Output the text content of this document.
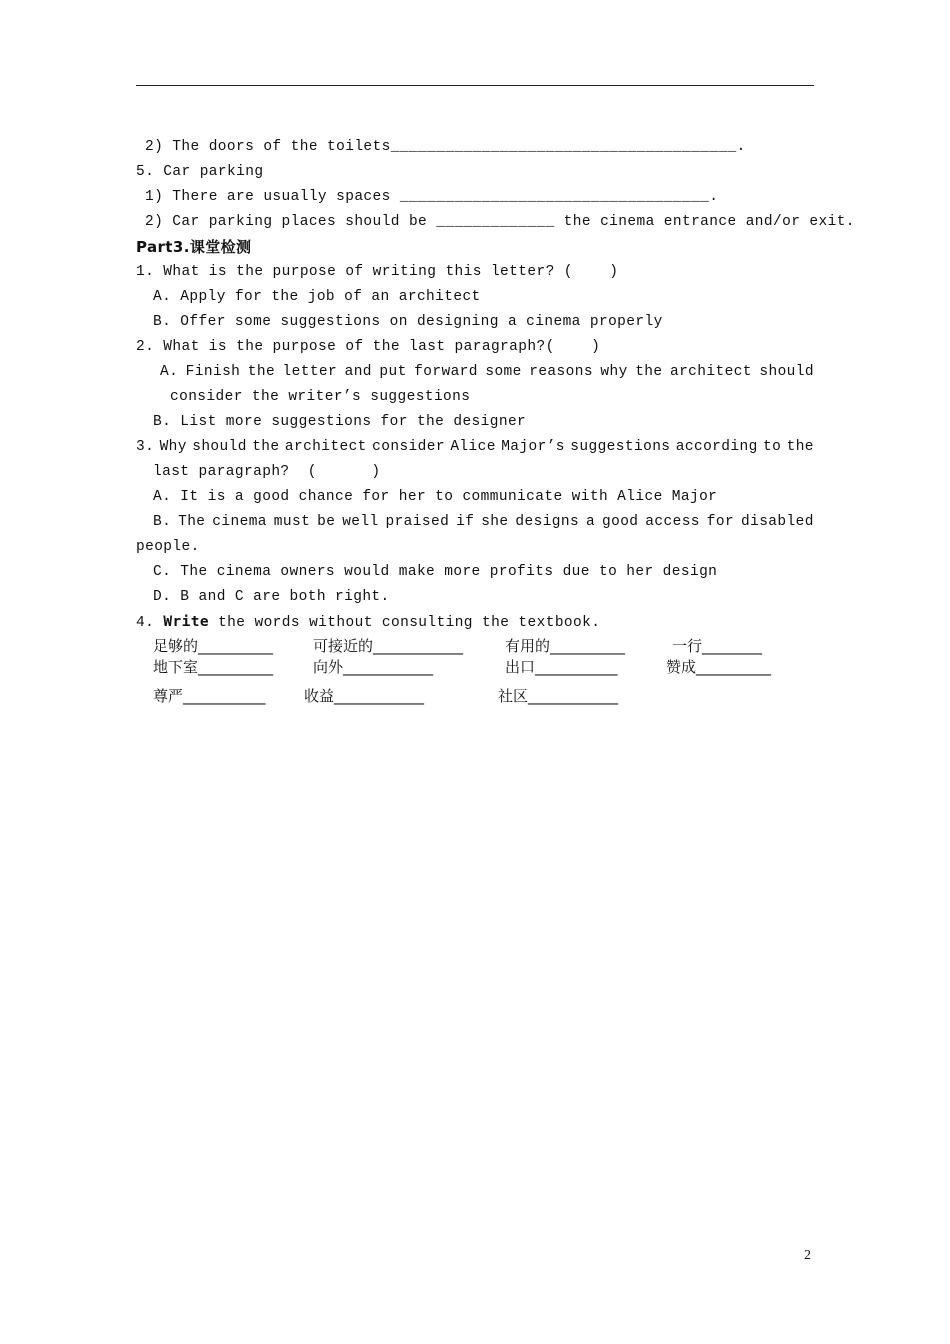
2) The doors of the toilets______________________________________.
5. Car parking
1) There are usually spaces __________________________________.
2) Car parking places should be _____________ the cinema entrance and/or exit.
Part3.课堂检测
1. What is the purpose of writing this letter? (    )
A. Apply for the job of an architect
B. Offer some suggestions on designing a cinema properly
2. What is the purpose of the last paragraph?(    )
A. Finish the letter and put forward some reasons why the architect should
consider the writer’s suggestions
B. List more suggestions for the designer
3. Why should the architect consider Alice Major’s suggestions according to the
last paragraph?  (      )
A. It is a good chance for her to communicate with Alice Major
B. The cinema must be well praised if she designs a good access for disabled
people.
C. The cinema owners would make more profits due to her design
D. B and C are both right.
4. Write the words without consulting the textbook.
足够的__________	可接近的____________	有用的__________	一行________
地下室__________	向外____________	出口___________	赞成__________
尊严___________	收益____________	社区____________
2
